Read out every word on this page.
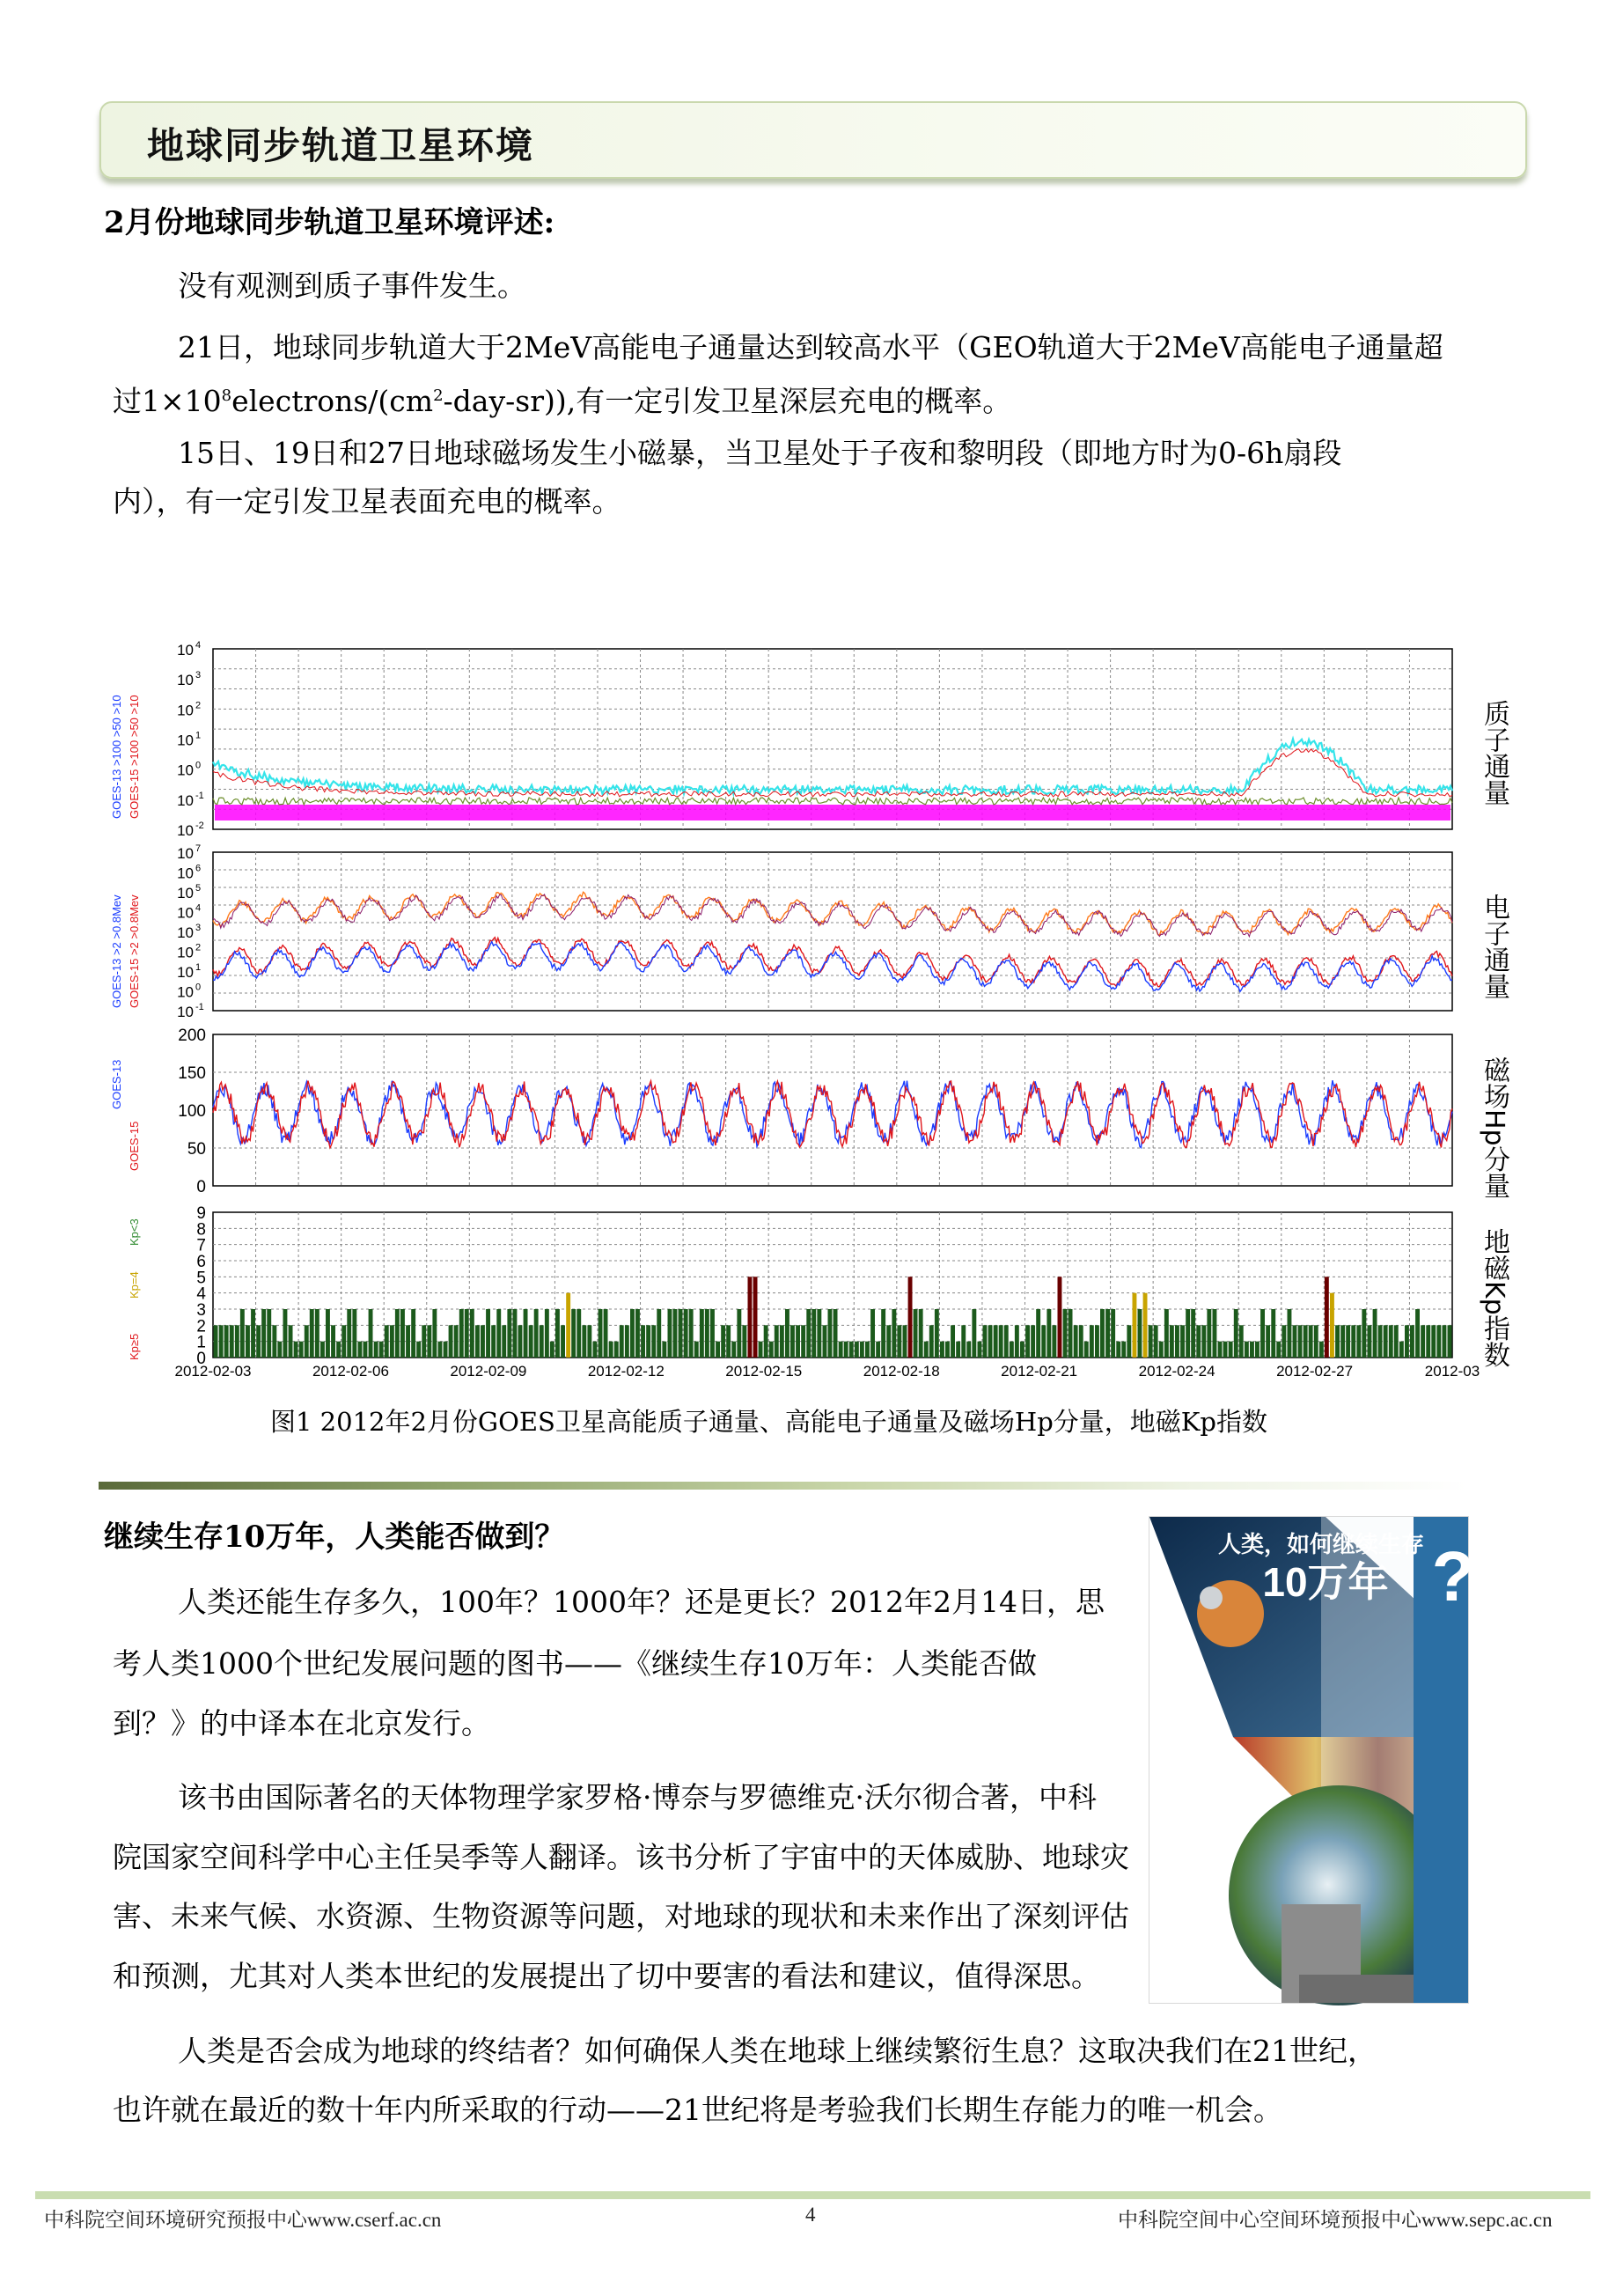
地球同步轨道卫星环境
2月份地球同步轨道卫星环境评述:
没有观测到质子事件发生。
21日，地球同步轨道大于2MeV高能电子通量达到较高水平（GEO轨道大于2MeV高能电子通量超
过$1\times 10^8electrons/(cm^2-day-sr)$),有一定引发卫星深层充电的概率。
15日、19日和27日地球磁场发生小磁暴，当卫星处于子夜和黎明段（即地方时为0-6h扇段
内），有一定引发卫星表面充电的概率。
10 4
10 3
10 2
10 1
10 0
10 -1
10 -2
10 7
10 6
10 5
10 4
10 3
10 2
10 1
10 0
10 -1
200
150
100
50
0
9
8
7
6
5
4
3
2
1
0
2012-02-03	2012-02-06	2012-02-09	2012-02-12	2012-02-15	2012-02-18	2012-02-21	2012-02-24	2012-02-27	2012-03
GOES-13 >100 >50 >10 GOES-15 >100 >50 >10
GOES-13 >2 >0.8Mev GOES-15 >2 >0.8Mev
GOES-13
GOES-15
Kp≥5
Kp=4
Kp<3
质子通量
电子通量
磁场Hp分量
地磁Kp指数
图1 2012年2月份GOES卫星高能质子通量、高能电子通量及磁场Hp分量，地磁Kp指数
继续生存10万年，人类能否做到？
人类还能生存多久，100年？1000年？还是更长？2012年2月14日，思
考人类1000个世纪发展问题的图书——《继续生存10万年：人类能否做
到？》的中译本在北京发行。
该书由国际著名的天体物理学家罗格·博奈与罗德维克·沃尔彻合著，中科
院国家空间科学中心主任吴季等人翻译。该书分析了宇宙中的天体威胁、地球灾
害、未来气候、水资源、生物资源等问题，对地球的现状和未来作出了深刻评估
和预测，尤其对人类本世纪的发展提出了切中要害的看法和建议，值得深思。
人类是否会成为地球的终结者？如何确保人类在地球上继续繁衍生息？这取决我们在21世纪，
也许就在最近的数十年内所采取的行动——21世纪将是考验我们长期生存能力的唯一机会。
?
人类，如何继续生存
10万年
中科院空间环境研究预报中心www.cserf.ac.cn	4	中科院空间中心空间环境预报中心www.sepc.ac.cn
